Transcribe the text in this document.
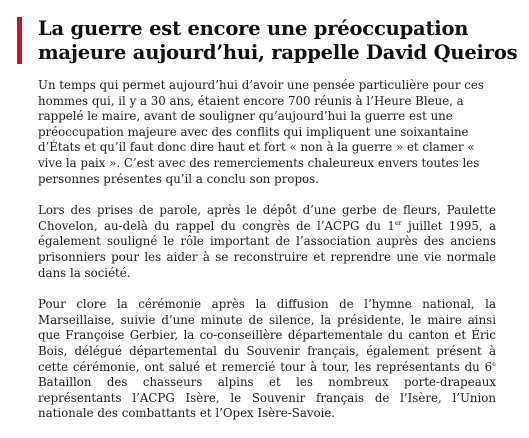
La guerre est encore une préoccupation majeure aujourd’hui, rappelle David Queiros

Un temps qui permet aujourd’hui d’avoir une pensée particulière pour ces hommes qui, il y a 30 ans, étaient encore 700 réunis à l’Heure Bleue, a rappelé le maire, avant de souligner qu’aujourd’hui la guerre est une préoccupation majeure avec des conflits qui impliquent une soixantaine d’États et qu’il faut donc dire haut et fort « non à la guerre » et clamer « vive la paix ». C’est avec des remerciements chaleureux envers toutes les personnes présentes qu’il a conclu son propos.

Lors des prises de parole, après le dépôt d’une gerbe de fleurs, Paulette Chovelon, au-delà du rappel du congrès de l’ACPG du 1er juillet 1995, a également souligné le rôle important de l’association auprès des anciens prisonniers pour les aider à se reconstruire et reprendre une vie normale dans la société.

Pour clore la cérémonie après la diffusion de l’hymne national, la Marseillaise, suivie d’une minute de silence, la présidente, le maire ainsi que Françoise Gerbier, la co-conseillère départementale du canton et Éric Bois, délégué départemental du Souvenir français, également présent à cette cérémonie, ont salué et remercié tour à tour, les représentants du 6e Bataillon des chasseurs alpins et les nombreux porte-drapeaux représentants l’ACPG Isère, le Souvenir français de l’Isère, l’Union nationale des combattants et l’Opex Isère-Savoie.
